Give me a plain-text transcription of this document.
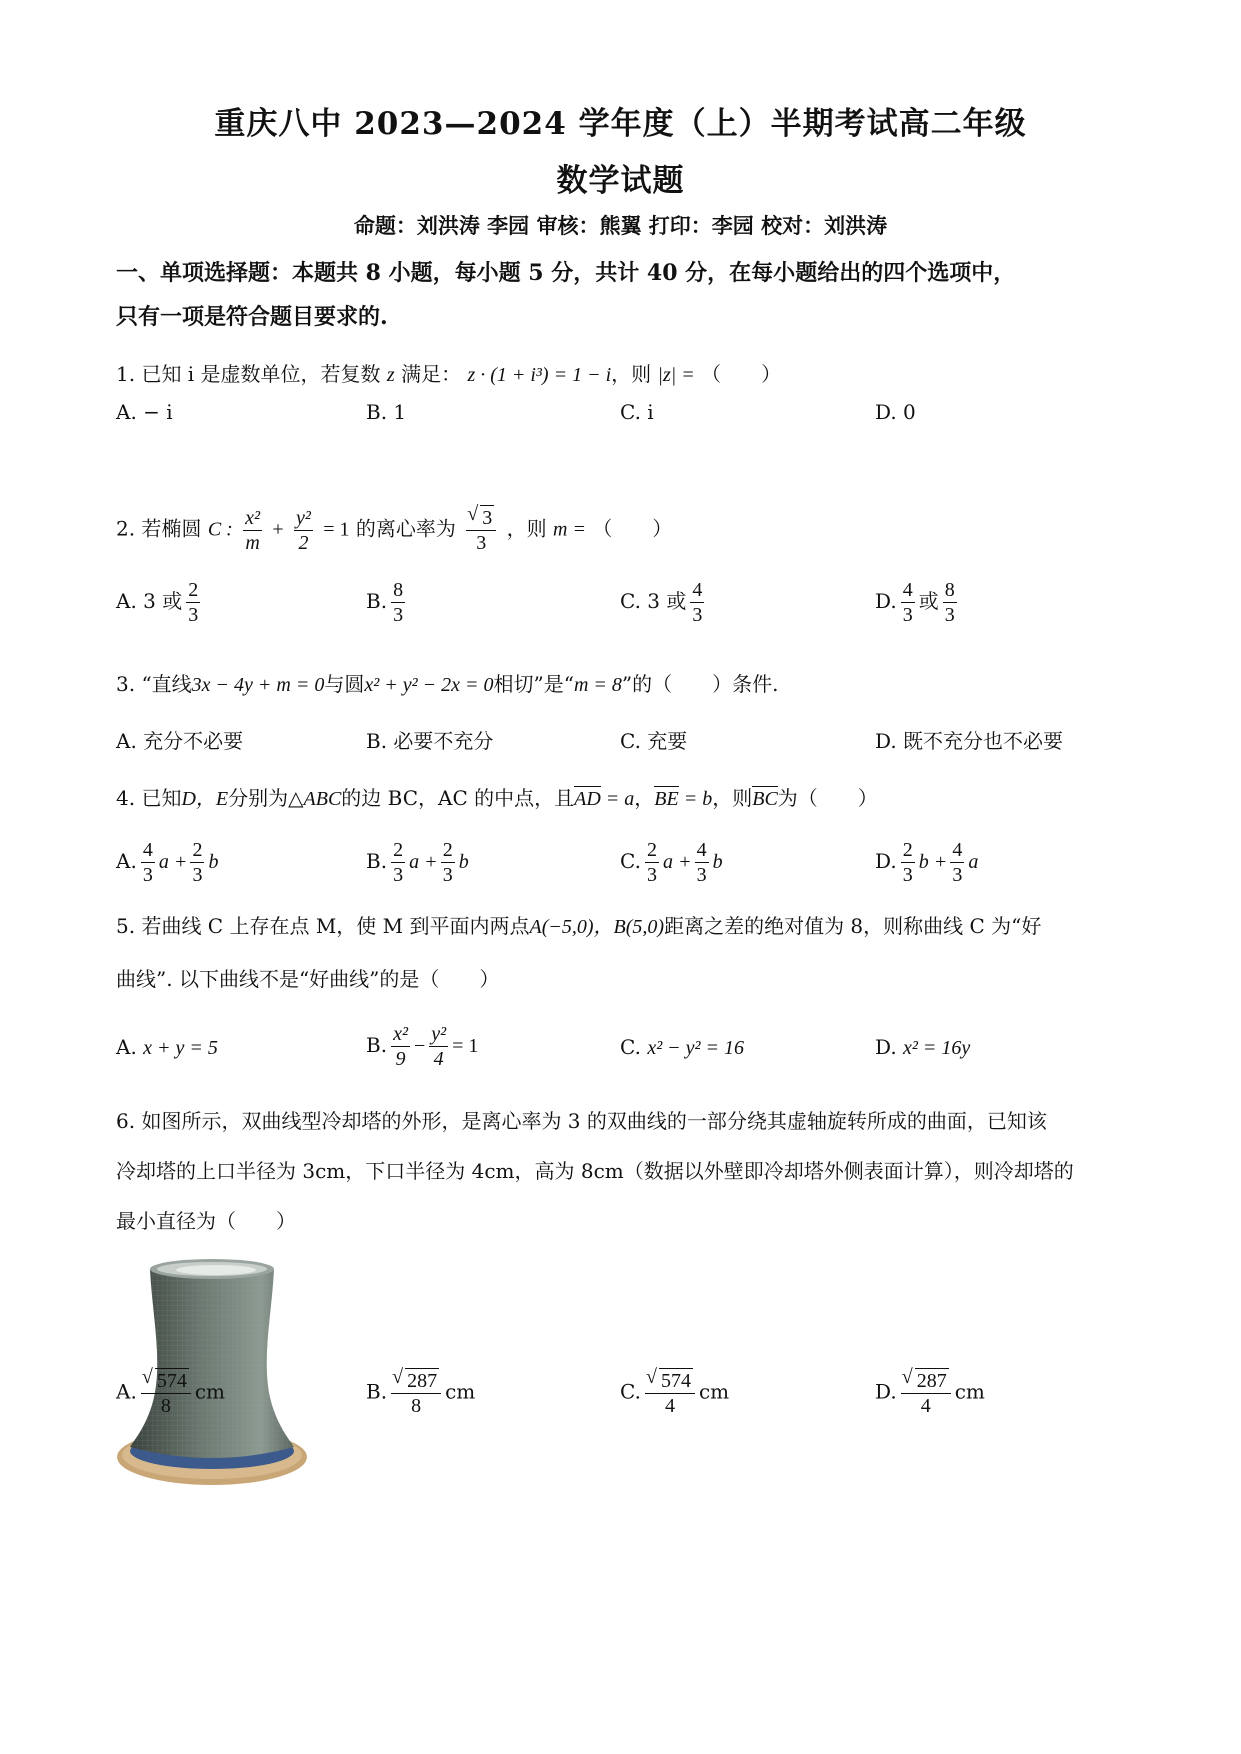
重庆八中 2023—2024 学年度（上）半期考试高二年级
数学试题
命题：刘洪涛 李园 审核：熊翼 打印：李园 校对：刘洪涛
一、单项选择题：本题共 8 小题，每小题 5 分，共计 40 分，在每小题给出的四个选项中，
只有一项是符合题目要求的.
1. 已知 i 是虚数单位，若复数 z 满足： z · (1 + i³) = 1 − i，则 |z| = （　　）
A. − i	B. 1	C. i	D. 0
2. 若椭圆 C : $\frac{\text{x²}}{m} + \frac{\text{y²}}{2} = 1$ 的离心率为 √ $\frac{3}{3}$ ，则 m = （　　）
A. 3 或 $\frac{2}{3}$	B. $\frac{8}{3}$	C. 3 或 $\frac{4}{3}$	D. $\frac{4}{3}$ 或 $\frac{8}{3}$
3. “直线3x − 4y + m = 0与圆x² + y² − 2x = 0相切”是“m = 8”的（　　）条件.
A. 充分不必要	B. 必要不充分	C. 充要	D. 既不充分也不必要
4. 已知D，E分别为△ABC的边 BC，AC 的中点，且AD = a，BE = b，则BC为（　　）
A. $\frac{4}{3}$ $a + \frac{2}{3}$ b	B. $\frac{2}{3}$ $a + \frac{2}{3}$ b	C. $\frac{2}{3}$ $a + \frac{4}{3}$ b	D. $\frac{2}{3}$ $b + \frac{4}{3}$ a
5. 若曲线 C 上存在点 M，使 M 到平面内两点A(−5,0)，B(5,0)距离之差的绝对值为 8，则称曲线 C 为“好
曲线”. 以下曲线不是“好曲线”的是（　　）
A. x + y = 5	B. $\frac{\text{x²}}{9} - \frac{\text{y²}}{4} = 1$	C. x² − y² = 16	D. x² = 16y
6. 如图所示，双曲线型冷却塔的外形，是离心率为 3 的双曲线的一部分绕其虚轴旋转所成的曲面，已知该
冷却塔的上口半径为 3cm，下口半径为 4cm，高为 8cm（数据以外壁即冷却塔外侧表面计算），则冷却塔的
最小直径为（　　）
A. √ $\frac{574}{8}$ cm	B. √ $\frac{287}{8}$ cm	C. √ $\frac{574}{4}$ cm	D. √ $\frac{287}{4}$ cm
